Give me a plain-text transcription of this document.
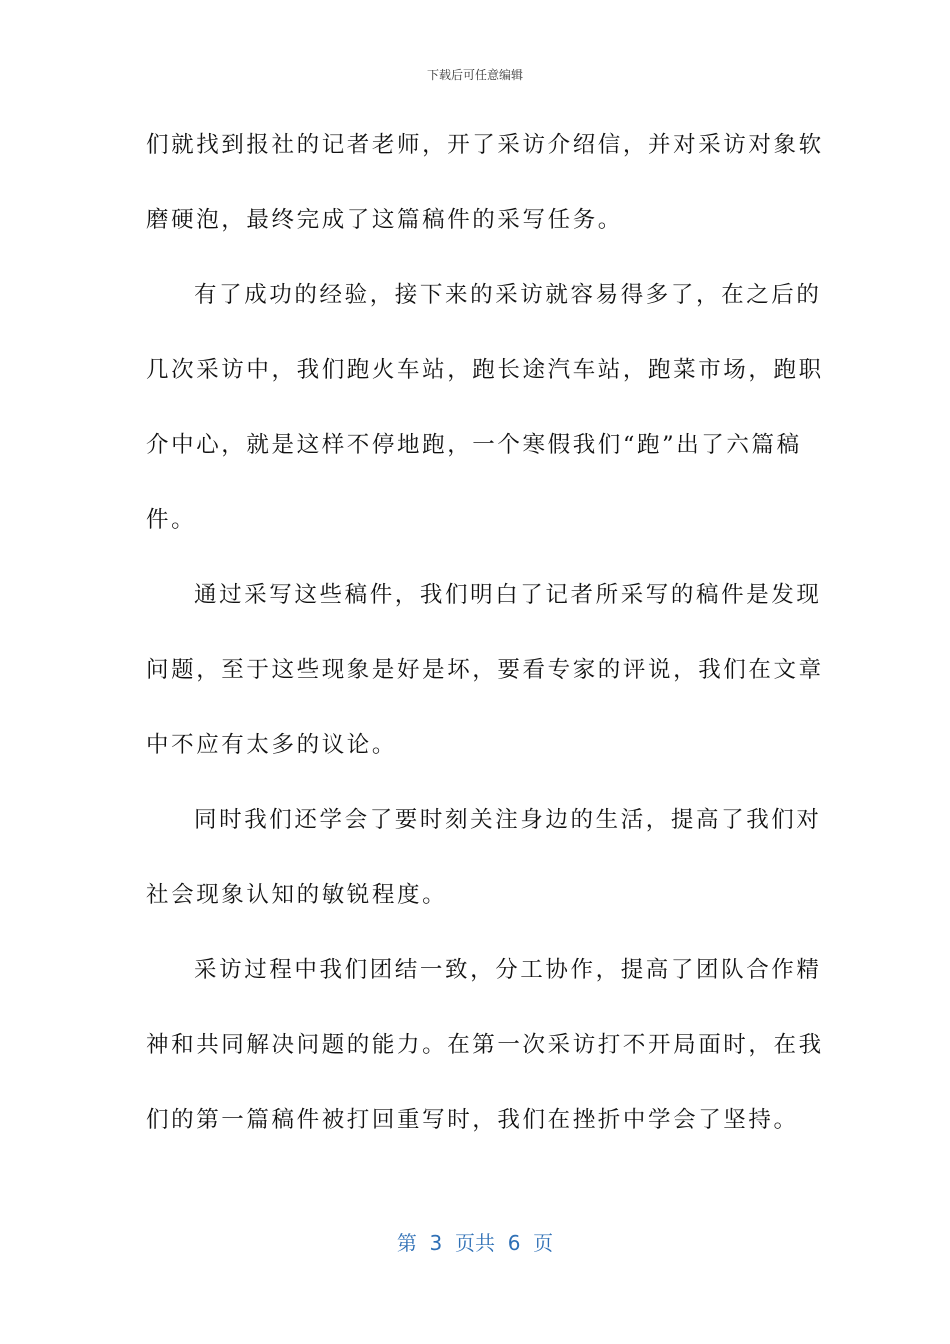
下载后可任意编辑
们就找到报社的记者老师，开了采访介绍信，并对采访对象软
磨硬泡，最终完成了这篇稿件的采写任务。
有了成功的经验，接下来的采访就容易得多了，在之后的
几次采访中，我们跑火车站，跑长途汽车站，跑菜市场，跑职
介中心，就是这样不停地跑，一个寒假我们“跑”出了六篇稿
件。
通过采写这些稿件，我们明白了记者所采写的稿件是发现
问题，至于这些现象是好是坏，要看专家的评说，我们在文章
中不应有太多的议论。
同时我们还学会了要时刻关注身边的生活，提高了我们对
社会现象认知的敏锐程度。
采访过程中我们团结一致，分工协作，提高了团队合作精
神和共同解决问题的能力。在第一次采访打不开局面时，在我
们的第一篇稿件被打回重写时，我们在挫折中学会了坚持。
第  3  页共  6  页
